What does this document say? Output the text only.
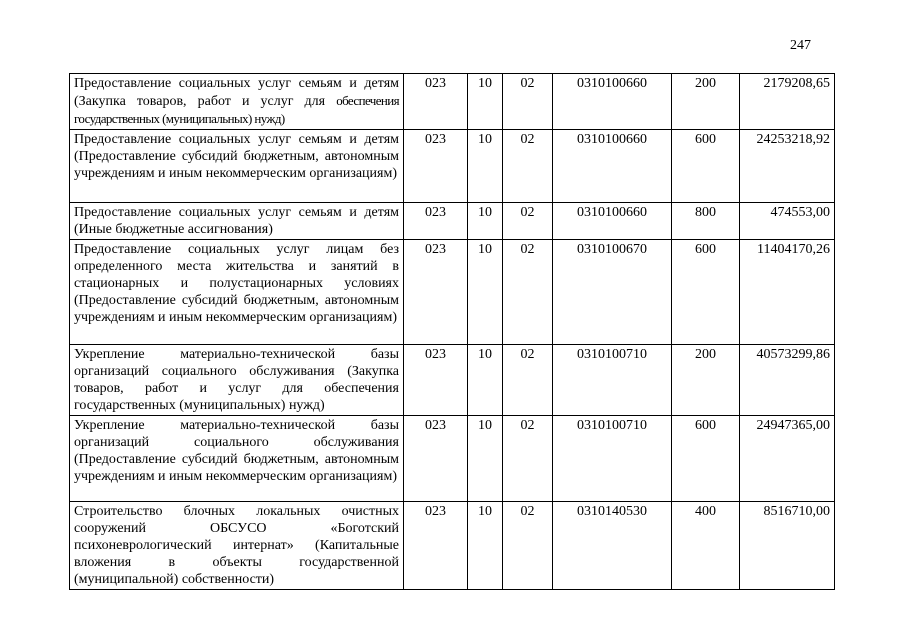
247
Предоставление социальных услуг семьям и детям (Закупка товаров, работ и услуг для обеспечения государственных (муниципальных) нужд)	023	10	02	0310100660	200	2179208,65
Предоставление социальных услуг семьям и детям (Предоставление субсидий бюджетным, автономным учреждениям и иным некоммерческим организациям)	023	10	02	0310100660	600	24253218,92
Предоставление социальных услуг семьям и детям (Иные бюджетные ассигнования)	023	10	02	0310100660	800	474553,00
Предоставление социальных услуг лицам без определенного места жительства и занятий в стационарных и полустационарных условиях (Предоставление субсидий бюджетным, автономным учреждениям и иным некоммерческим организациям)	023	10	02	0310100670	600	11404170,26
Укрепление материально-технической базы организаций социального обслуживания (Закупка товаров, работ и услуг для обеспечения государственных (муниципальных) нужд)	023	10	02	0310100710	200	40573299,86
Укрепление материально-технической базы организаций социального обслуживания (Предоставление субсидий бюджетным, автономным учреждениям и иным некоммерческим организациям)	023	10	02	0310100710	600	24947365,00
Строительство блочных локальных очистных сооружений ОБСУСО «Боготский психоневрологический интернат» (Капитальные вложения в объекты государственной (муниципальной) собственности)	023	10	02	0310140530	400	8516710,00
